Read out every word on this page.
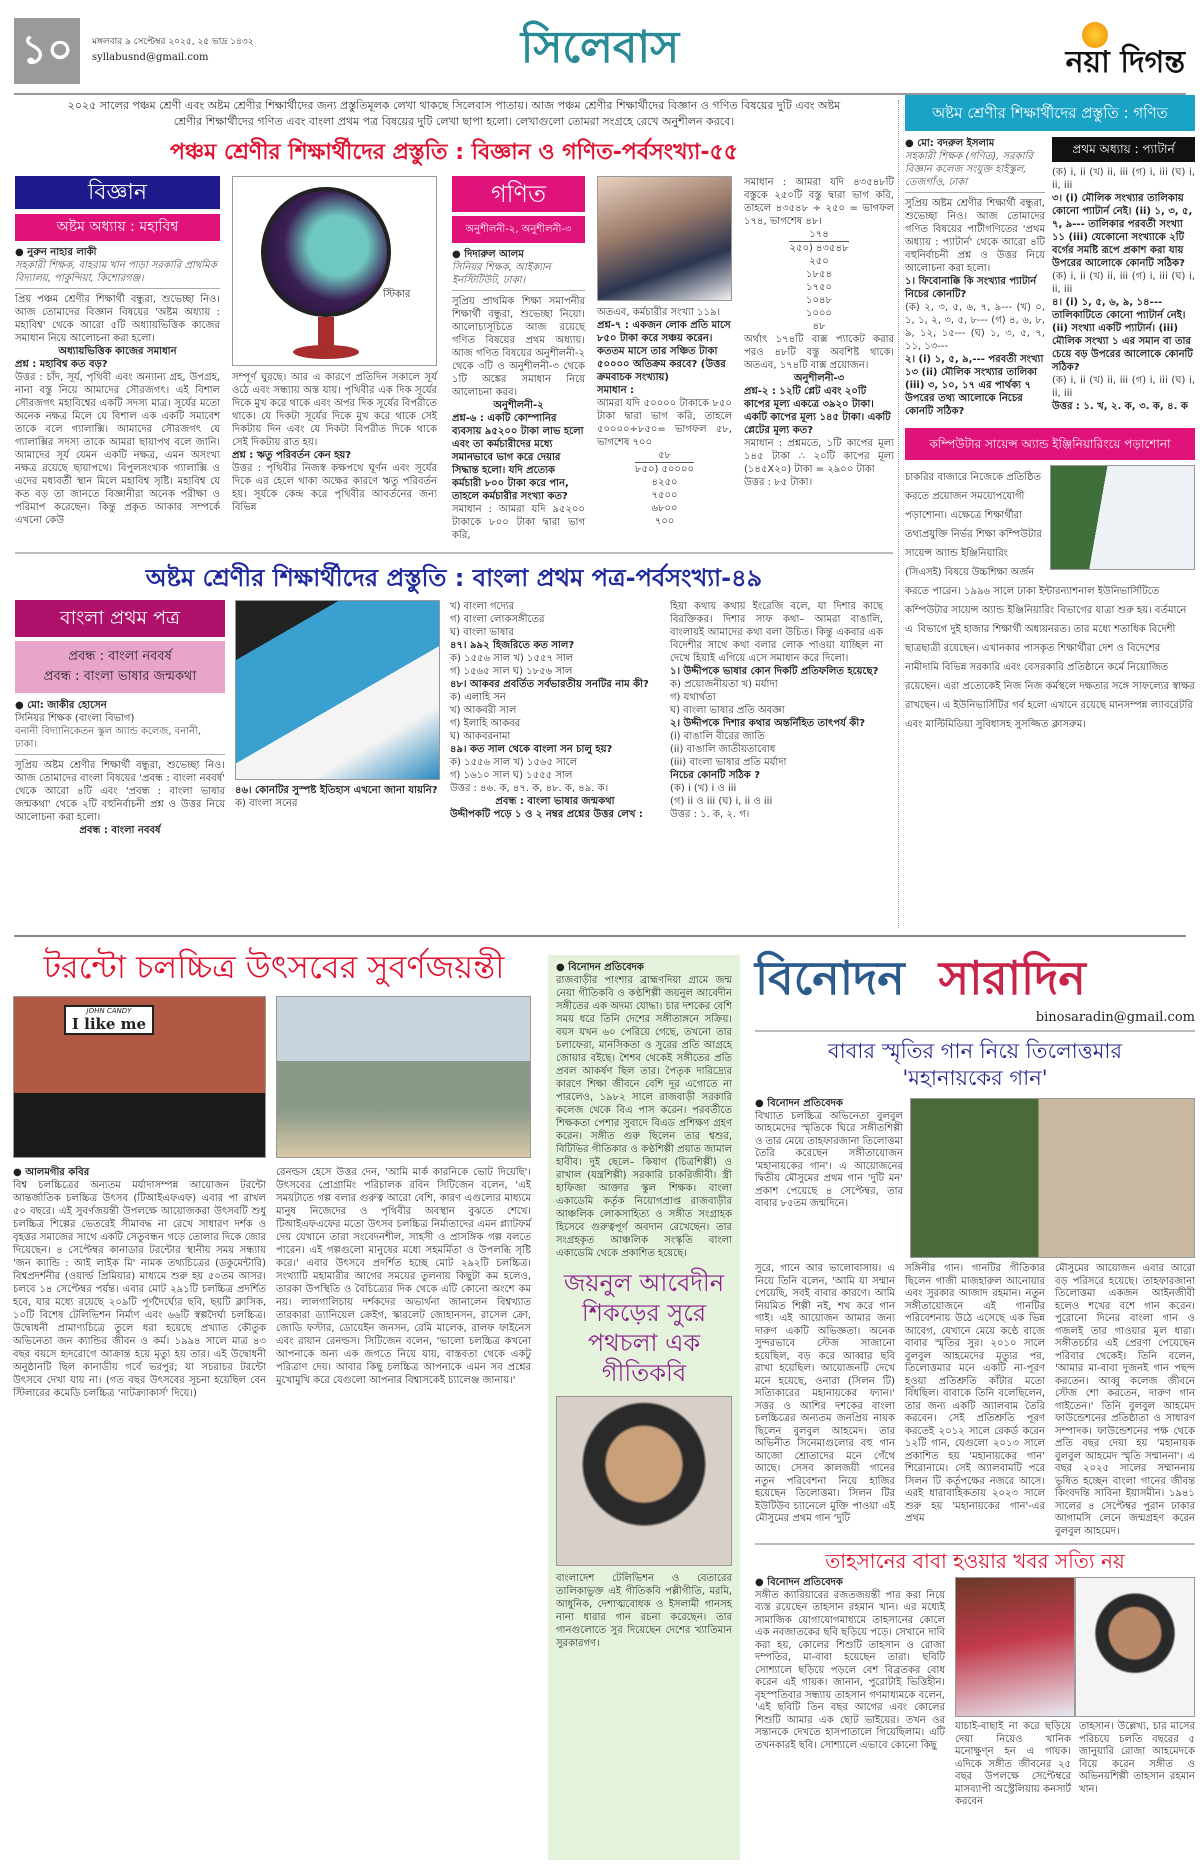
১০	মঙ্গলবার ৯ সেপ্টেম্বর ২০২৫, ২৫ ভাদ্র ১৪৩২
syllabusnd@gmail.com	সিলেবাস	নয়া দিগন্ত
২০২৫ সালের পঞ্চম শ্রেণী এবং অষ্টম শ্রেণীর শিক্ষার্থীদের জন্য প্রস্তুতিমূলক লেখা থাকছে সিলেবাস পাতায়। আজ পঞ্চম শ্রেণীর শিক্ষার্থীদের বিজ্ঞান ও গণিত বিষয়ের দুটি এবং অষ্টম শ্রেণীর শিক্ষার্থীদের গণিত এবং বাংলা প্রথম পত্র বিষয়ের দুটি লেখা ছাপা হলো। লেখাগুলো তোমরা সংগ্রহে রেখে অনুশীলন করবে।
পঞ্চম শ্রেণীর শিক্ষার্থীদের প্রস্তুতি : বিজ্ঞান ও গণিত-পর্বসংখ্যা-৫৫
বিজ্ঞান
অষ্টম অধ্যায় : মহাবিশ্ব
● নুরুন নাহার লাকী
সহকারী শিক্ষক, বাহরাম খান পাড়া সরকারি প্রাথমিক বিদ্যালয়, পাকুন্দিয়া, কিশোরগঞ্জ।
প্রিয় পঞ্চম শ্রেণীর শিক্ষার্থী বন্ধুরা, শুভেচ্ছা নিও। আজ তোমাদের বিজ্ঞান বিষয়ের 'অষ্টম অধ্যায় : মহাবিশ্ব' থেকে আরো ৫টি অধ্যায়ভিত্তিক কাজের সমাধান নিয়ে আলোচনা করা হলো।
অধ্যায়ভিত্তিক কাজের সমাধান
প্রশ্ন : মহাবিশ্ব কত বড়?
উত্তর : চাঁদ, সূর্য, পৃথিবী এবং অন্যান্য গ্রহ, উপগ্রহ, নানা বস্তু নিয়ে আমাদের সৌরজগৎ। এই বিশাল সৌরজগৎ মহাবিশ্বের একটি সদস্য মাত্র। সূর্যের মতো অনেক নক্ষত্র মিলে যে বিশাল এক একটি সমাবেশ তাকে বলে গ্যালাক্সি। আমাদের সৌরজগৎ যে গ্যালাক্সির সদস্য তাকে আমরা ছায়াপথ বলে জানি। আমাদের সূর্য যেমন একটি নক্ষত্র, এমন অসংখ্য নক্ষত্র রয়েছে ছায়াপথে। বিপুলসংখ্যক গ্যালাক্সি ও এদের মধ্যবর্তী স্থান মিলে মহাবিশ্ব সৃষ্টি। মহাবিশ্ব যে কত বড় তা জানতে বিজ্ঞানীরা অনেক পরীক্ষা ও পরিমাপ করেছেন। কিন্তু প্রকৃত আকার সম্পর্কে এখনো কেউ
স্টিকার
সম্পূর্ণ ঘুরছে। আর এ কারণে প্রতিদিন সকালে সূর্য ওঠে এবং সন্ধ্যায় অস্ত যায়। পৃথিবীর এক দিক সূর্যের দিকে মুখ করে থাকে এবং অপর দিক সূর্যের বিপরীতে থাকে। যে দিকটা সূর্যের দিকে মুখ করে থাকে সেই দিকটায় দিন এবং যে দিকটা বিপরীত দিকে থাকে সেই দিকটায় রাত হয়।
প্রশ্ন : ঋতু পরিবর্তন কেন হয়?
উত্তর : পৃথিবীর নিজস্ব কক্ষপথে ঘূর্ণন এবং সূর্যের দিকে এর হেলে থাকা অক্ষের কারণে ঋতু পরিবর্তন হয়। সূর্যকে কেন্দ্র করে পৃথিবীর আবর্তনের জন্য বিভিন্ন
গণিত
অনুশীলনী-২, অনুশীলনী-৩
● দিদারুল আলম
সিনিয়র শিক্ষক, আইক্যান ইনস্টিটিউট, ঢাকা।
সুপ্রিয় প্রাথমিক শিক্ষা সমাপনীর শিক্ষার্থী বন্ধুরা, শুভেচ্ছা নিয়ো। আলোচ্যসূচিতে আজ রয়েছে গণিত বিষয়ের প্রথম অধ্যায়। আজ গণিত বিষয়ের অনুশীলনী-২ থেকে ৩টি ও অনুশীলনী-৩ থেকে ১টি অঙ্কের সমাধান নিয়ে আলোচনা করব।
অনুশীলনী-২
প্রশ্ন-৬ : একটি কোম্পানির ব্যবসায় ৯৫২০০ টাকা লাভ হলো এবং তা কর্মচারীদের মধ্যে সমানভাবে ভাগ করে দেয়ার সিদ্ধান্ত হলো। যদি প্রত্যেক কর্মচারী ৮০০ টাকা করে পান, তাহলে কর্মচারীর সংখ্যা কত?
সমাধান : আমরা যদি ৯৫২০০ টাকাকে ৮০০ টাকা দ্বারা ভাগ করি,
অতএব, কর্মচারীর সংখ্যা ১১৯।
প্রশ্ন-৭ : একজন লোক প্রতি মাসে ৮৫০ টাকা করে সঞ্চয় করেন। কততম মাসে তার সঞ্চিত টাকা ৫০০০০ অতিক্রম করবে? (উত্তর ক্রমবাচক সংখ্যায়)
সমাধান :
আমরা যদি ৫০০০০ টাকাকে ৮৫০ টাকা দ্বারা ভাগ করি, তাহলে ৫০০০০÷৮৫০= ভাগফল ৫৮, ভাগশেষ ৭০০
৫৮
৮৫০) ৫০০০০
৪২৫০
৭৫০০
৬৮০০
৭০০
সমাধান : আমরা যদি ৪৩৫৪৮টি বস্তুকে ২৫০টি বস্তু দ্বারা ভাগ করি, তাহলে ৪৩৫৪৮ ÷ ২৫০ = ভাগফল ১৭৪, ভাগশেষ ৪৮।
১৭৪
২৫০) ৪৩৫৪৮
২৫০
১৮৫৪
১৭৫০
১০৪৮
১০০০
৪৮
অর্থাৎ ১৭৪টি বাক্স প্যাকেট করার পরও ৪৮টি বস্তু অবশিষ্ট থাকে। অতএব, ১৭৪টি বাক্স প্রয়োজন।
অনুশীলনী-৩
প্রশ্ন-২ : ১২টি প্লেট এবং ২০টি কাপের মূল্য একত্রে ৩৯২০ টাকা। একটি কাপের মূল্য ১৪৫ টাকা। একটি প্লেটের মূল্য কত?
সমাধান : প্রশ্নমতে, ১টি কাপের মূল্য ১৪৫ টাকা ∴ ২০টি কাপের মূল্য (১৪৫X২০) টাকা = ২৯০০ টাকা
উত্তর : ৮৫ টাকা।
অষ্টম শ্রেণীর শিক্ষার্থীদের প্রস্তুতি : বাংলা প্রথম পত্র-পর্বসংখ্যা-৪৯
বাংলা প্রথম পত্র
প্রবন্ধ : বাংলা নববর্ষ
প্রবন্ধ : বাংলা ভাষার জন্মকথা
● মো: জাকীর হোসেন
সিনিয়র শিক্ষক (বাংলা বিভাগ)
বনানী বিদ্যানিকেতন স্কুল অ্যান্ড কলেজ, বনানী, ঢাকা।
সুপ্রিয় অষ্টম শ্রেণীর শিক্ষার্থী বন্ধুরা, শুভেচ্ছা নিও। আজ তোমাদের বাংলা বিষয়ের 'প্রবন্ধ : বাংলা নববর্ষ' থেকে আরো ৪টি এবং 'প্রবন্ধ : বাংলা ভাষার জন্মকথা' থেকে ২টি বহুনির্বাচনী প্রশ্ন ও উত্তর নিয়ে আলোচনা করা হলো।
প্রবন্ধ : বাংলা নববর্ষ
৪৬। কোনটির সুস্পষ্ট ইতিহাস এখনো জানা যায়নি?
ক) বাংলা সনের
খ) বাংলা গদ্যের
গ) বাংলা লোকসঙ্গীতের
ঘ) বাংলা ভাষার
৪৭। ৯৯২ হিজরিতে কত সাল?
ক) ১৫৫৬ সাল খ) ১৫৫৭ সাল
গ) ১৫৬৫ সাল ঘ) ১৮৫৬ সাল
৪৮। আকবর প্রবর্তিত সর্বভারতীয় সনটির নাম কী?
ক) এলাহি সন
খ) আকবরী সাল
গ) ইলাহি আকবর
ঘ) আকবরনামা
৪৯। কত সাল থেকে বাংলা সন চালু হয়?
ক) ১৫৫৬ সাল খ) ১৫৬৫ সালে
গ) ১৬১০ সাল ঘ) ১৫৫৫ সাল
উত্তর : ৪৬. ক, ৪৭. ক, ৪৮. ক, ৪৯. ক।
প্রবন্ধ : বাংলা ভাষার জন্মকথা
উদ্দীপকটি পড়ে ১ ও ২ নম্বর প্রশ্নের উত্তর লেখ :
হিয়া কথায় কথায় ইংরেজি বলে, যা দিশার কাছে বিরক্তিকর। দিশার সাফ কথা– আমরা বাঙালি, বাংলায়ই আমাদের কথা বলা উচিত। কিন্তু একবার এক বিদেশীর সাথে কথা বলার লোক পাওয়া যাচ্ছিল না দেখে হিয়াই এগিয়ে এসে সমাধান করে দিলো।
১। উদ্দীপকে ভাষার কোন দিকটি প্রতিফলিত হয়েছে?
ক) প্রয়োজনীয়তা খ) মর্যাদা
গ) যথার্থতা
ঘ) বাংলা ভাষার প্রতি অবজ্ঞা
২। উদ্দীপকে দিশার কথার অন্তর্নিহিত তাৎপর্য কী?
(i) বাঙালি বীরের জাতি
(ii) বাঙালি জাতীয়তাবোধ
(iii) বাংলা ভাষার প্রতি মর্যাদা
নিচের কোনটি সঠিক ?
(ক) i (খ) i ও iii
(গ) ii ও iii (ঘ) i, ii ও iii
উত্তর : ১. ক, ২. গ।
অষ্টম শ্রেণীর শিক্ষার্থীদের প্রস্তুতি : গণিত
● মো: বদরুল ইসলাম
সহকারী শিক্ষক (গণিত), সরকারি বিজ্ঞান কলেজ সংযুক্ত হাইস্কুল, তেজগাঁও, ঢাকা
সুপ্রিয় অষ্টম শ্রেণীর শিক্ষার্থী বন্ধুরা, শুভেচ্ছা নিও। আজ তোমাদের গণিত বিষয়ের পাটীগণিতের 'প্রথম অধ্যায় : প্যাটার্ন' থেকে আরো ৪টি বহুনির্বাচনী প্রশ্ন ও উত্তর নিয়ে আলোচনা করা হলো।
১। ফিবোনাক্কি কি সংখ্যার প্যাটার্ন নিচের কোনটি?
(ক) ২, ৩, ৫, ৬, ৭, ৯--- (খ) ০, ১, ১, ২, ৩, ৫, ৮--- (গ) ৪, ৬, ৮, ৯, ১২, ১৫--- (ঘ) ১, ৩, ৫, ৭, ১১, ১৩---
২। (i) ১, ৫, ৯,--- পরবর্তী সংখ্যা ১৩ (ii) মৌলিক সংখ্যার তালিকা (iii) ৩, ১০, ১৭ এর পার্থক্য ৭ উপরের তথ্য আলোকে নিচের কোনটি সঠিক?
প্রথম অধ্যায় : প্যাটার্ন
(ক) i, ii (খ) ii, iii (গ) i, iii (ঘ) i, ii, iii
৩। (i) মৌলিক সংখ্যার তালিকায় কোনো প্যাটার্ন নেই। (ii) ১, ৩, ৫, ৭, ৯--- তালিকার পরবর্তী সংখ্যা ১১ (iii) যেকোনো সংখ্যাকে ২টি বর্গের সমষ্টি রূপে প্রকাশ করা যায় উপরের আলোকে কোনটি সঠিক?
(ক) i, ii (খ) ii, iii (গ) i, iii (ঘ) i, ii, iii
৪। (i) ১, ৫, ৬, ৯, ১৪--- তালিকাটিতে কোনো প্যাটার্ন নেই। (ii) সংখ্যা একটি প্যাটার্ন। (iii) মৌলিক সংখ্যা ১ এর সমান বা তার চেয়ে বড় উপরের আলোকে কোনটি সঠিক?
(ক) i, ii (খ) ii, iii (গ) i, iii (ঘ) i, ii, iii
উত্তর : ১. খ, ২. ক, ৩. ক, ৪. ক
কম্পিউটার সায়েন্স অ্যান্ড ইঞ্জিনিয়ারিংয়ে পড়াশোনা
চাকরির বাজারে নিজেকে প্রতিষ্ঠিত করতে প্রয়োজন সময়োপযোগী পড়াশোনা। এক্ষেত্রে শিক্ষার্থীরা তথ্যপ্রযুক্তি নির্ভর শিক্ষা কম্পিউটার সায়েন্স অ্যান্ড ইঞ্জিনিয়ারিং (সিএসই) বিষয়ে উচ্চশিক্ষা অর্জন করতে পারেন। ১৯৯৬ সালে ঢাকা ইন্টারন্যাশনাল ইউনিভার্সিটিতে কম্পিউটার সায়েন্স অ্যান্ড ইঞ্জিনিয়ারিং বিভাগের যাত্রা শুরু হয়। বর্তমানে এ বিভাগে দুই হাজার শিক্ষার্থী অধ্যয়নরত। তার মধ্যে শতাধিক বিদেশী ছাত্রছাত্রী রয়েছেন। এখানকার পাসকৃত শিক্ষার্থীরা দেশ ও বিদেশের নামীদামি বিভিন্ন সরকারি এবং বেসরকারি প্রতিষ্ঠানে কর্মে নিয়োজিত রয়েছেন। এরা প্রত্যেকেই নিজ নিজ কর্মস্থলে দক্ষতার সঙ্গে সাফল্যের স্বাক্ষর রাখছেন। এ ইউনিভার্সিটির গর্ব হলো এখানে রয়েছে মানসম্পন্ন ল্যাবরেটরি এবং মাল্টিমিডিয়া সুবিধাসহ সুসজ্জিত ক্লাসরুম।
টরন্টো চলচ্চিত্র উৎসবের সুবর্ণজয়ন্তী
JOHN CANDY
I like me
● আলমগীর কবির
বিশ্ব চলচ্চিত্রের অন্যতম মর্যাদাসম্পন্ন আয়োজন টরন্টো আন্তর্জাতিক চলচ্চিত্র উৎসব (টিআইএফএফ) এবার পা রাখল ৫০ বছরে। এই সুবর্ণজয়ন্তী উপলক্ষে আয়োজকরা উৎসবটি শুধু চলচ্চিত্র শিল্পের ভেতরেই সীমাবদ্ধ না রেখে সাধারণ দর্শক ও বৃহত্তর সমাজের সাথে একটি সেতুবন্ধন গড়ে তোলার দিকে জোর দিয়েছেন। ৪ সেপ্টেম্বর কানাডার টরন্টোর স্থানীয় সময় সন্ধ্যায় 'জন ক্যান্ডি : আই লাইক মি' নামক তথ্যচিত্রের (ডকুমেন্টারি) বিশ্বপ্রদর্শনীর (ওয়ার্ল্ড প্রিমিয়ার) মাধ্যমে শুরু হয় ৫০তম আসর। চলবে ১৪ সেপ্টেম্বর পর্যন্ত। এবার মোট ২৯১টি চলচ্চিত্র প্রদর্শিত হবে, যার মধ্যে রয়েছে ২০৯টি পূর্ণদৈর্ঘ্যের ছবি, ছয়টি ক্লাসিক, ১০টি বিশেষ টেলিভিশন নির্মাণ এবং ৬৬টি স্বল্পদৈর্ঘ্য চলচ্চিত্র। উদ্বোধনী প্রামাণ্যচিত্রে তুলে ধরা হয়েছে প্রখ্যাত কৌতুক অভিনেতা জন ক্যান্ডির জীবন ও কর্ম। ১৯৯৪ সালে মাত্র ৪৩ বছর বয়সে হৃদরোগে আক্রান্ত হয়ে মৃত্যু হয় তার। এই উদ্বোধনী অনুষ্ঠানটি ছিল কানাডীয় গর্বে ভরপুর; যা সচরাচর টরন্টো উৎসবে দেখা যায় না। (গত বছর উৎসবের সূচনা হয়েছিল বেন স্টিলারের কমেডি চলচ্চিত্র 'নাটক্র্যাকার্স' দিয়ে।)
রেনল্ডস হেসে উত্তর দেন, 'আমি মার্ক কারনিকে ভোট দিয়েছি'। উৎসবের প্রোগ্রামিং পরিচালক রবিন সিটিজেন বলেন, 'এই সময়টাতে গল্প বলার গুরুত্ব আরো বেশি, কারণ এগুলোর মাধ্যমে মানুষ নিজেদের ও পৃথিবীর অবস্থান বুঝতে শেখে। টিআইএফএফের মতো উৎসব চলচ্চিত্র নির্মাতাদের এমন প্ল্যাটফর্ম দেয় যেখানে তারা সংবেদনশীল, সাহসী ও প্রাসঙ্গিক গল্প বলতে পারেন। এই গল্পগুলো মানুষের মধ্যে সহমর্মিতা ও উপলব্ধি সৃষ্টি করে।' এবার উৎসবে প্রদর্শিত হচ্ছে মোট ২৯২টি চলচ্চিত্র। সংখ্যাটি মহামারীর আগের সময়ের তুলনায় কিছুটা কম হলেও, তারকা উপস্থিতি ও বৈচিত্র্যের দিক থেকে এটি কোনো অংশে কম নয়। লালগালিচায় দর্শকদের অভ্যর্থনা জানালেন বিশ্বখ্যাত তারকারা ড্যানিয়েল ক্রেইগ, স্কারলেট জোহানসন, রাসেল ক্রো, জোডি ফস্টার, ডোয়েইন জনসন, রেমি মালেক, রালফ ফাইনেস এবং রায়ান রেনল্ডস। সিটিজেন বলেন, 'ভালো চলচ্চিত্র কখনো আপনাকে অন্য এক জগতে নিয়ে যায়, বাস্তবতা থেকে একটু পরিত্রাণ দেয়। আবার কিছু চলচ্চিত্র আপনাকে এমন সব প্রশ্নের মুখোমুখি করে যেগুলো আপনার বিশ্বাসকেই চ্যালেঞ্জ জানায়।'
● বিনোদন প্রতিবেদক
রাজবাড়ীর পাংশার ব্রাহ্মণদিয়া গ্রামে জন্ম নেয়া গীতিকবি ও কণ্ঠশিল্পী জয়নুল আবেদীন সঙ্গীতের এক অদম্য যোদ্ধা। চার দশকের বেশি সময় ধরে তিনি দেশের সঙ্গীতাঙ্গনে সক্রিয়। বয়স যখন ৬০ পেরিয়ে গেছে, তখনো তার চলাফেরা, মানসিকতা ও সুরের প্রতি আগ্রহে জোয়ার বইছে। শৈশব থেকেই সঙ্গীতের প্রতি প্রবল আকর্ষণ ছিল তার। পৈতৃক দারিদ্র্যের কারণে শিক্ষা জীবনে বেশি দূর এগোতে না পারলেও, ১৯৮২ সালে রাজবাড়ী সরকারি কলেজ থেকে বিএ পাস করেন। পরবর্তীতে শিক্ষকতা পেশার সুবাদে বিএড প্রশিক্ষণ গ্রহণ করেন। সঙ্গীত গুরু ছিলেন তার শ্বশুর, বিটিভির গীতিকার ও কণ্ঠশিল্পী প্রয়াত জামাল হাবীব। দুই ছেলে– কিষাণ (চিত্রশিল্পী) ও রাখাল (যন্ত্রশিল্পী) সরকারি চাকরিজীবী। স্ত্রী হাফিজা আক্তার স্কুল শিক্ষক। বাংলা একাডেমি কর্তৃক নিয়োগপ্রাপ্ত রাজবাড়ীর আঞ্চলিক লোকসাহিত্য ও সঙ্গীত সংগ্রাহক হিসেবে গুরুত্বপূর্ণ অবদান রেখেছেন। তার সংগ্রহকৃত আঞ্চলিক সংস্কৃতি বাংলা একাডেমি থেকে প্রকাশিত হয়েছে।
জয়নুল আবেদীন শিকড়ের সুরে পথচলা এক গীতিকবি
বাংলাদেশ টেলিভিশন ও বেতারের তালিকাভুক্ত এই গীতিকবি পল্লীগীতি, মরমি, আধুনিক, দেশাত্মবোধক ও ইসলামী গানসহ নানা ধারার গান রচনা করেছেন। তার গানগুলোতে সুর দিয়েছেন দেশের খ্যাতিমান সুরকারগণ।
বিনোদন সারাদিন
binosaradin@gmail.com
বাবার স্মৃতির গান নিয়ে তিলোত্তমার
'মহানায়কের গান'
● বিনোদন প্রতিবেদক
বিখ্যাত চলচ্চিত্র অভিনেতা বুলবুল আহমেদের স্মৃতিকে ঘিরে সঙ্গীতশিল্পী ও তার মেয়ে তাহফারজানা তিলোত্তমা তৈরি করেছেন সঙ্গীতায়োজন 'মহানায়কের গান'। এ আয়োজনের দ্বিতীয় মৌসুমের প্রথম গান 'দুটি মন' প্রকাশ পেয়েছে ৪ সেপ্টেম্বর, তার বাবার ৮৫তম জন্মদিনে।
সুরে, গানে আর ভালোবাসায়। এ নিয়ে তিনি বলেন, 'আমি যা সম্মান পেয়েছি, সবই বাবার কারণে। আমি নিয়মিত শিল্পী নই, শখ করে গান গাই। এই আয়োজন আমার জন্য দারুণ একটি অভিজ্ঞতা। অনেক সুন্দরভাবে স্টেজ সাজানো হয়েছিল, বড় করে আব্বার ছবি রাখা হয়েছিল। আয়োজনটি দেখে মনে হয়েছে, ওনারা (সিলন টি) সত্যিকারের মহানায়কের ফ্যান।' সত্তর ও আশির দশকের বাংলা চলচ্চিত্রের অন্যতম জনপ্রিয় নায়ক ছিলেন বুলবুল আহমেদ। তার অভিনীত সিনেমাগুলোর বহু গান আজো শ্রোতাদের মনে গেঁথে আছে। সেসব কালজয়ী গানের নতুন পরিবেশনা নিয়ে হাজির হয়েছেন তিলোত্তমা। সিলন টির ইউটিউব চ্যানেলে মুক্তি পাওয়া এই মৌসুমের প্রথম গান 'দুটি
সঙ্গিনীর গান। গানটির গীতিকার ছিলেন গাজী মাজহারুল আনোয়ার এবং সুরকার আজাদ রহমান। নতুন সঙ্গীতায়োজনে এই গানটির পরিবেশনায় উঠে এসেছে এক ভিন্ন আবেগ, যেখানে মেয়ে কণ্ঠে বাজে বাবার স্মৃতির সুর। ২০১০ সালে বুলবুল আহমেদের মৃত্যুর পর, তিলোত্তমার মনে একটি না-পূরণ হওয়া প্রতিশ্রুতি কাঁটার মতো বিঁধছিল। বাবাকে তিনি বলেছিলেন, তার জন্য একটি অ্যালবাম তৈরি করবেন। সেই প্রতিশ্রুতি পূরণ করতেই ২০১২ সালে রেকর্ড করেন ১২টি গান, যেগুলো ২০১৩ সালে প্রকাশিত হয় 'মহানায়কের গান' শিরোনামে। সেই অ্যালবামটি পরে সিলন টি কর্তৃপক্ষের নজরে আসে। এরই ধারাবাহিকতায় ২০২৩ সালে শুরু হয় 'মহানায়কের গান'-এর প্রথম
মৌসুমের আয়োজন এবার আরো বড় পরিসরে হয়েছে। তাহফারজানা তিলোত্তমা একজন আইনজীবী হলেও শখের বশে গান করেন। পুরোনো দিনের বাংলা গান ও গজলই তার গাওয়ার মূল ধারা। সঙ্গীতচর্চার এই প্রেরণা পেয়েছেন পরিবার থেকেই। তিনি বলেন, 'আমার মা-বাবা দুজনই গান পছন্দ করতেন। আব্বু কলেজ জীবনে স্টেজ শো করতেন, দারুণ গান গাইতেন।' তিনি বুলবুল আহমেদ ফাউন্ডেশনের প্রতিষ্ঠাতা ও সাধারণ সম্পাদক। ফাউন্ডেশনের পক্ষ থেকে প্রতি বছর দেয়া হয় 'মহানায়ক বুলবুল আহমেদ স্মৃতি সম্মাননা'। এ বছর ২০২৫ সালের সম্মাননায় ভূষিত হচ্ছেন বাংলা গানের জীবন্ত কিংবদন্তি সাবিনা ইয়াসমীন। ১৯৪১ সালের ৪ সেপ্টেম্বর পুরান ঢাকার আগামসি লেনে জন্মগ্রহণ করেন বুলবুল আহমেদ।
তাহসানের বাবা হওয়ার খবর সত্যি নয়
● বিনোদন প্রতিবেদক
সঙ্গীত ক্যারিয়ারের রজতজয়ন্তী পার করা নিয়ে ব্যস্ত রয়েছেন তাহসান রহমান খান। এর মধ্যেই সামাজিক যোগাযোগমাধ্যমে তাহসানের কোলে এক নবজাতকের ছবি ছড়িয়ে পড়ে। সেখানে দাবি করা হয়, কোলের শিশুটি তাহসান ও রোজা দম্পতির, মা-বাবা হয়েছেন তারা। ছবিটি সোশ্যালে ছড়িয়ে পড়লে বেশ বিব্রতকর বোধ করেন এই গায়ক। জানান, পুরোটাই ভিত্তিহীন। বৃহস্পতিবার সন্ধ্যায় তাহসান গণমাধ্যমকে বলেন, 'এই ছবিটি তিন বছর আগের এবং কোলের শিশুটি আমার এক ছোট ভাইয়ের। তখন ওর সন্তানকে দেখতে হাসপাতালে গিয়েছিলাম। এটি তখনকারই ছবি। সোশ্যালে এভাবে কোনো কিছু
যাচাই-বাছাই না করে ছড়িয়ে দেয়া নিয়েও খানিক মনোক্ষুণ্ন হন এ গায়ক। এদিকে সঙ্গীত জীবনের ২৫ বছর উপলক্ষে সেপ্টেম্বরে মাসব্যাপী অস্ট্রেলিয়ায় কনসার্ট করবেন
তাহসান। উল্লেখ্য, চার মাসের পরিচয়ে চলতি বছরের ৫ জানুয়ারি রোজা আহমেদকে বিয়ে করেন সঙ্গীত ও অভিনয়শিল্পী তাহসান রহমান খান।
